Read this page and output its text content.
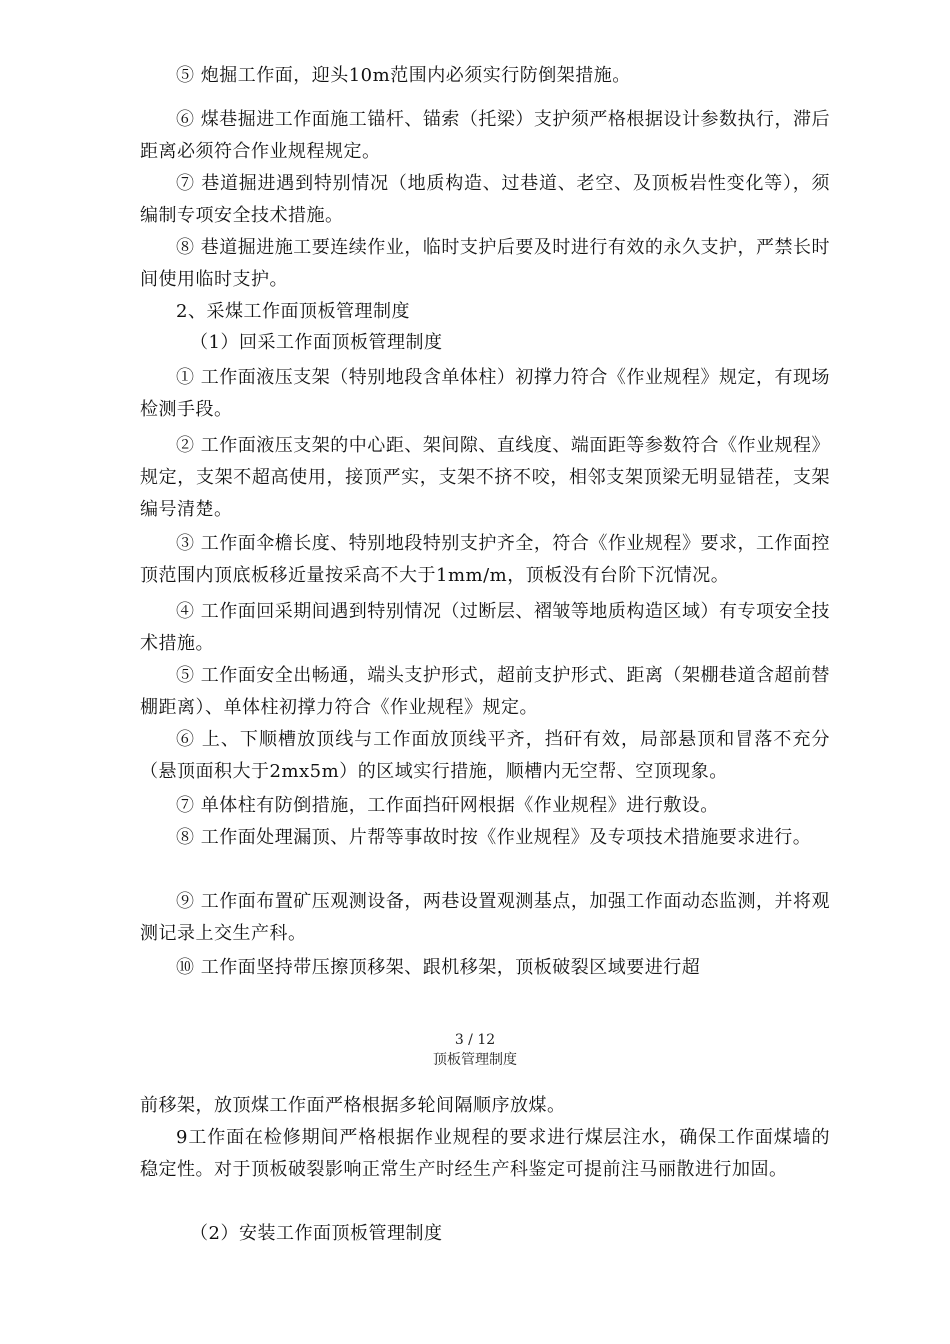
⑤ 炮掘工作面，迎头10m范围内必须实行防倒架措施。

⑥ 煤巷掘进工作面施工锚杆、锚索（托梁）支护须严格根据设计参数执行，滞后距离必须符合作业规程规定。

⑦ 巷道掘进遇到特别情况（地质构造、过巷道、老空、及顶板岩性变化等），须编制专项安全技术措施。

⑧ 巷道掘进施工要连续作业，临时支护后要及时进行有效的永久支护，严禁长时间使用临时支护。

2、采煤工作面顶板管理制度

（1）回采工作面顶板管理制度

① 工作面液压支架（特别地段含单体柱）初撑力符合《作业规程》规定，有现场检测手段。

② 工作面液压支架的中心距、架间隙、直线度、端面距等参数符合《作业规程》规定，支架不超高使用，接顶严实，支架不挤不咬，相邻支架顶梁无明显错茬，支架编号清楚。

③ 工作面伞檐长度、特别地段特别支护齐全，符合《作业规程》要求，工作面控顶范围内顶底板移近量按采高不大于1mm/m，顶板没有台阶下沉情况。

④ 工作面回采期间遇到特别情况（过断层、褶皱等地质构造区域）有专项安全技术措施。

⑤ 工作面安全出畅通，端头支护形式，超前支护形式、距离（架棚巷道含超前替棚距离）、单体柱初撑力符合《作业规程》规定。

⑥ 上、下顺槽放顶线与工作面放顶线平齐，挡矸有效，局部悬顶和冒落不充分（悬顶面积大于2mx5m）的区域实行措施，顺槽内无空帮、空顶现象。

⑦ 单体柱有防倒措施，工作面挡矸网根据《作业规程》进行敷设。

⑧ 工作面处理漏顶、片帮等事故时按《作业规程》及专项技术措施要求进行。

⑨ 工作面布置矿压观测设备，两巷设置观测基点，加强工作面动态监测，并将观测记录上交生产科。

⑩ 工作面坚持带压擦顶移架、跟机移架，顶板破裂区域要进行超

3 / 12
顶板管理制度

前移架，放顶煤工作面严格根据多轮间隔顺序放煤。

9工作面在检修期间严格根据作业规程的要求进行煤层注水，确保工作面煤墙的稳定性。对于顶板破裂影响正常生产时经生产科鉴定可提前注马丽散进行加固。

（2）安装工作面顶板管理制度
